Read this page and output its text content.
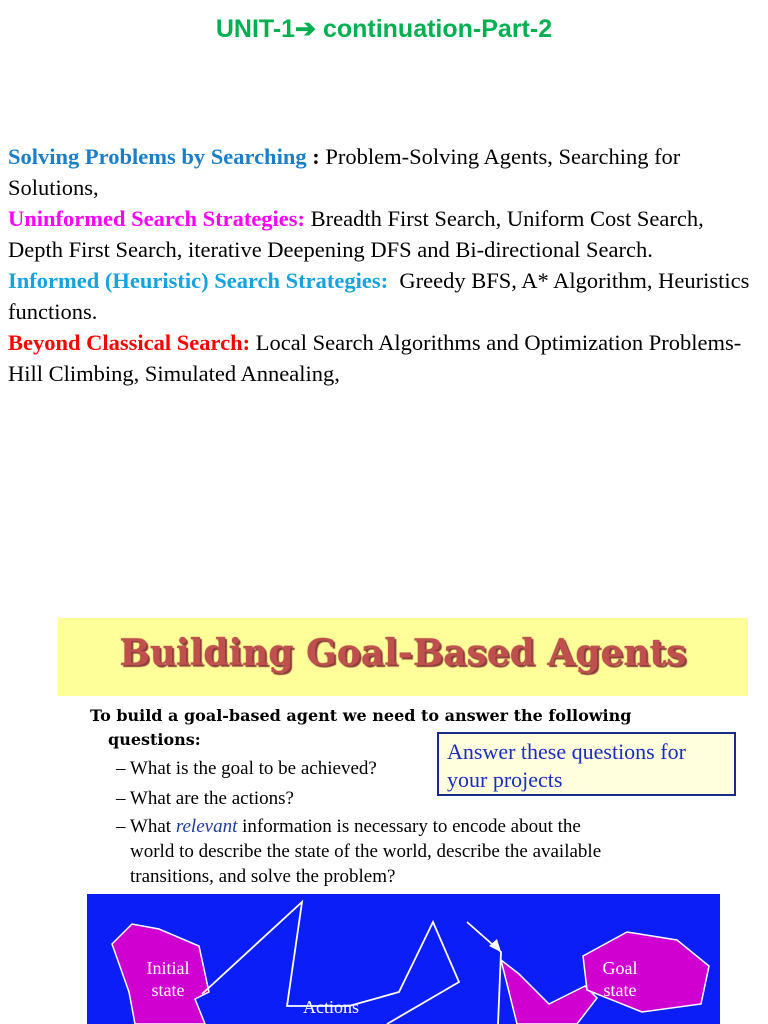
UNIT-1➔ continuation-Part-2

Solving Problems by Searching : Problem-Solving Agents, Searching for Solutions,

Uninformed Search Strategies: Breadth First Search, Uniform Cost Search, Depth First Search, iterative Deepening DFS and Bi-directional Search.

Informed (Heuristic) Search Strategies:  Greedy BFS, A* Algorithm, Heuristics functions.

Beyond Classical Search: Local Search Algorithms and Optimization Problems-Hill Climbing, Simulated Annealing,

Building Goal-Based Agents
To build a goal-based agent we need to answer the following
questions:
– What is the goal to be achieved?
– What are the actions?
– What relevant information is necessary to encode about the
world to describe the state of the world, describe the available
transitions, and solve the problem?
Answer these questions for your projects
Initial state
Actions
Goal state
